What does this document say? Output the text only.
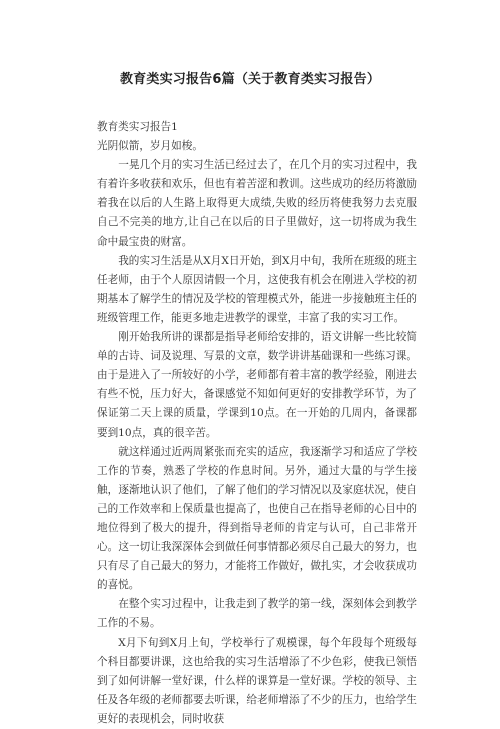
教育类实习报告6篇（关于教育类实习报告）

教育类实习报告1

光阴似箭，岁月如梭。

一晃几个月的实习生活已经过去了，在几个月的实习过程中，我有着许多收获和欢乐，但也有着苦涩和教训。这些成功的经历将激励着我在以后的人生路上取得更大成绩,失败的经历将使我努力去克服自己不完美的地方,让自己在以后的日子里做好，这一切将成为我生命中最宝贵的财富。

我的实习生活是从X月X日开始，到X月中旬，我所在班级的班主任老师，由于个人原因请假一个月，这使我有机会在刚进入学校的初期基本了解学生的情况及学校的管理模式外，能进一步接触班主任的班级管理工作，能更多地走进教学的课堂，丰富了我的实习工作。

刚开始我所讲的课都是指导老师给安排的，语文讲解一些比较简单的古诗、词及说理、写景的文章，数学讲讲基础课和一些练习课。由于是进入了一所较好的小学，老师都有着丰富的教学经验，刚进去有些不悦，压力好大，备课感觉不知如何更好的安排教学环节，为了保证第二天上课的质量，学课到10点。在一开始的几周内，备课都要到10点，真的很辛苦。

就这样通过近两周紧张而充实的适应，我逐渐学习和适应了学校工作的节奏，熟悉了学校的作息时间。另外，通过大量的与学生接触，逐渐地认识了他们，了解了他们的学习情况以及家庭状况，使自己的工作效率和上保质量也提高了，也使自己在指导老师的心目中的地位得到了极大的提升，得到指导老师的肯定与认可，自己非常开心。这一切让我深深体会到做任何事情都必须尽自己最大的努力，也只有尽了自己最大的努力，才能将工作做好，做扎实，才会收获成功的喜悦。

在整个实习过程中，让我走到了教学的第一线，深刻体会到教学工作的不易。

X月下旬到X月上旬，学校举行了观模课，每个年段每个班级每个科目都要讲课，这也给我的实习生活增添了不少色彩，使我已领悟到了如何讲解一堂好课，什么样的课算是一堂好课。学校的领导、主任及各年级的老师都要去听课，给老师增添了不少的压力，也给学生更好的表现机会，同时收获
